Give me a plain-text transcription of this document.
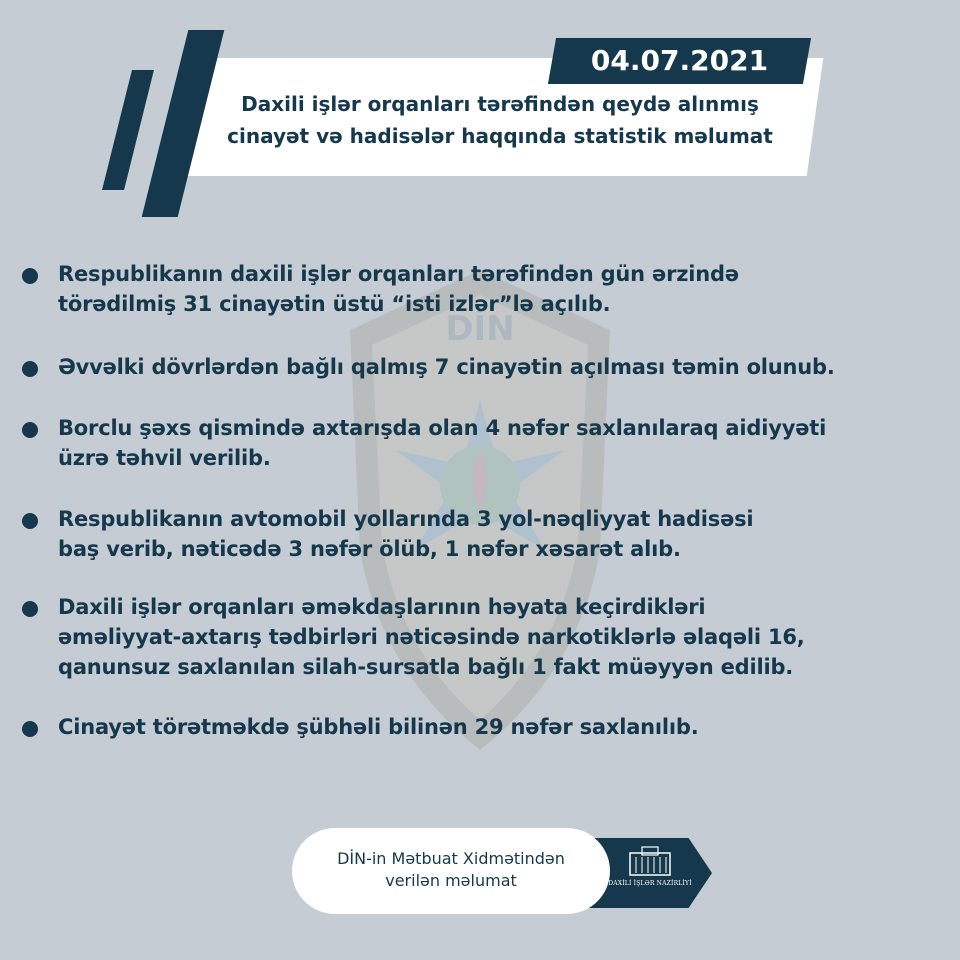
04.07.2021
Daxili işlər orqanları tərəfindən qeydə alınmış
cinayət və hadisələr haqqında statistik məlumat
DİN
Respublikanın daxili işlər orqanları tərəfindən gün ərzində
törədilmiş 31 cinayətin üstü “isti izlər”lə açılıb.
Əvvəlki dövrlərdən bağlı qalmış 7 cinayətin açılması təmin olunub.
Borclu şəxs qismində axtarışda olan 4 nəfər saxlanılaraq aidiyyəti
üzrə təhvil verilib.
Respublikanın avtomobil yollarında 3 yol-nəqliyyat hadisəsi
baş verib, nəticədə 3 nəfər ölüb, 1 nəfər xəsarət alıb.
Daxili işlər orqanları əməkdaşlarının həyata keçirdikləri
əməliyyat-axtarış tədbirləri nəticəsində narkotiklərlə əlaqəli 16,
qanunsuz saxlanılan silah-sursatla bağlı 1 fakt müəyyən edilib.
Cinayət törətməkdə şübhəli bilinən 29 nəfər saxlanılıb.
DAXİLİ İŞLƏR NAZİRLİYİ
DİN-in Mətbuat Xidmətindən
verilən məlumat
